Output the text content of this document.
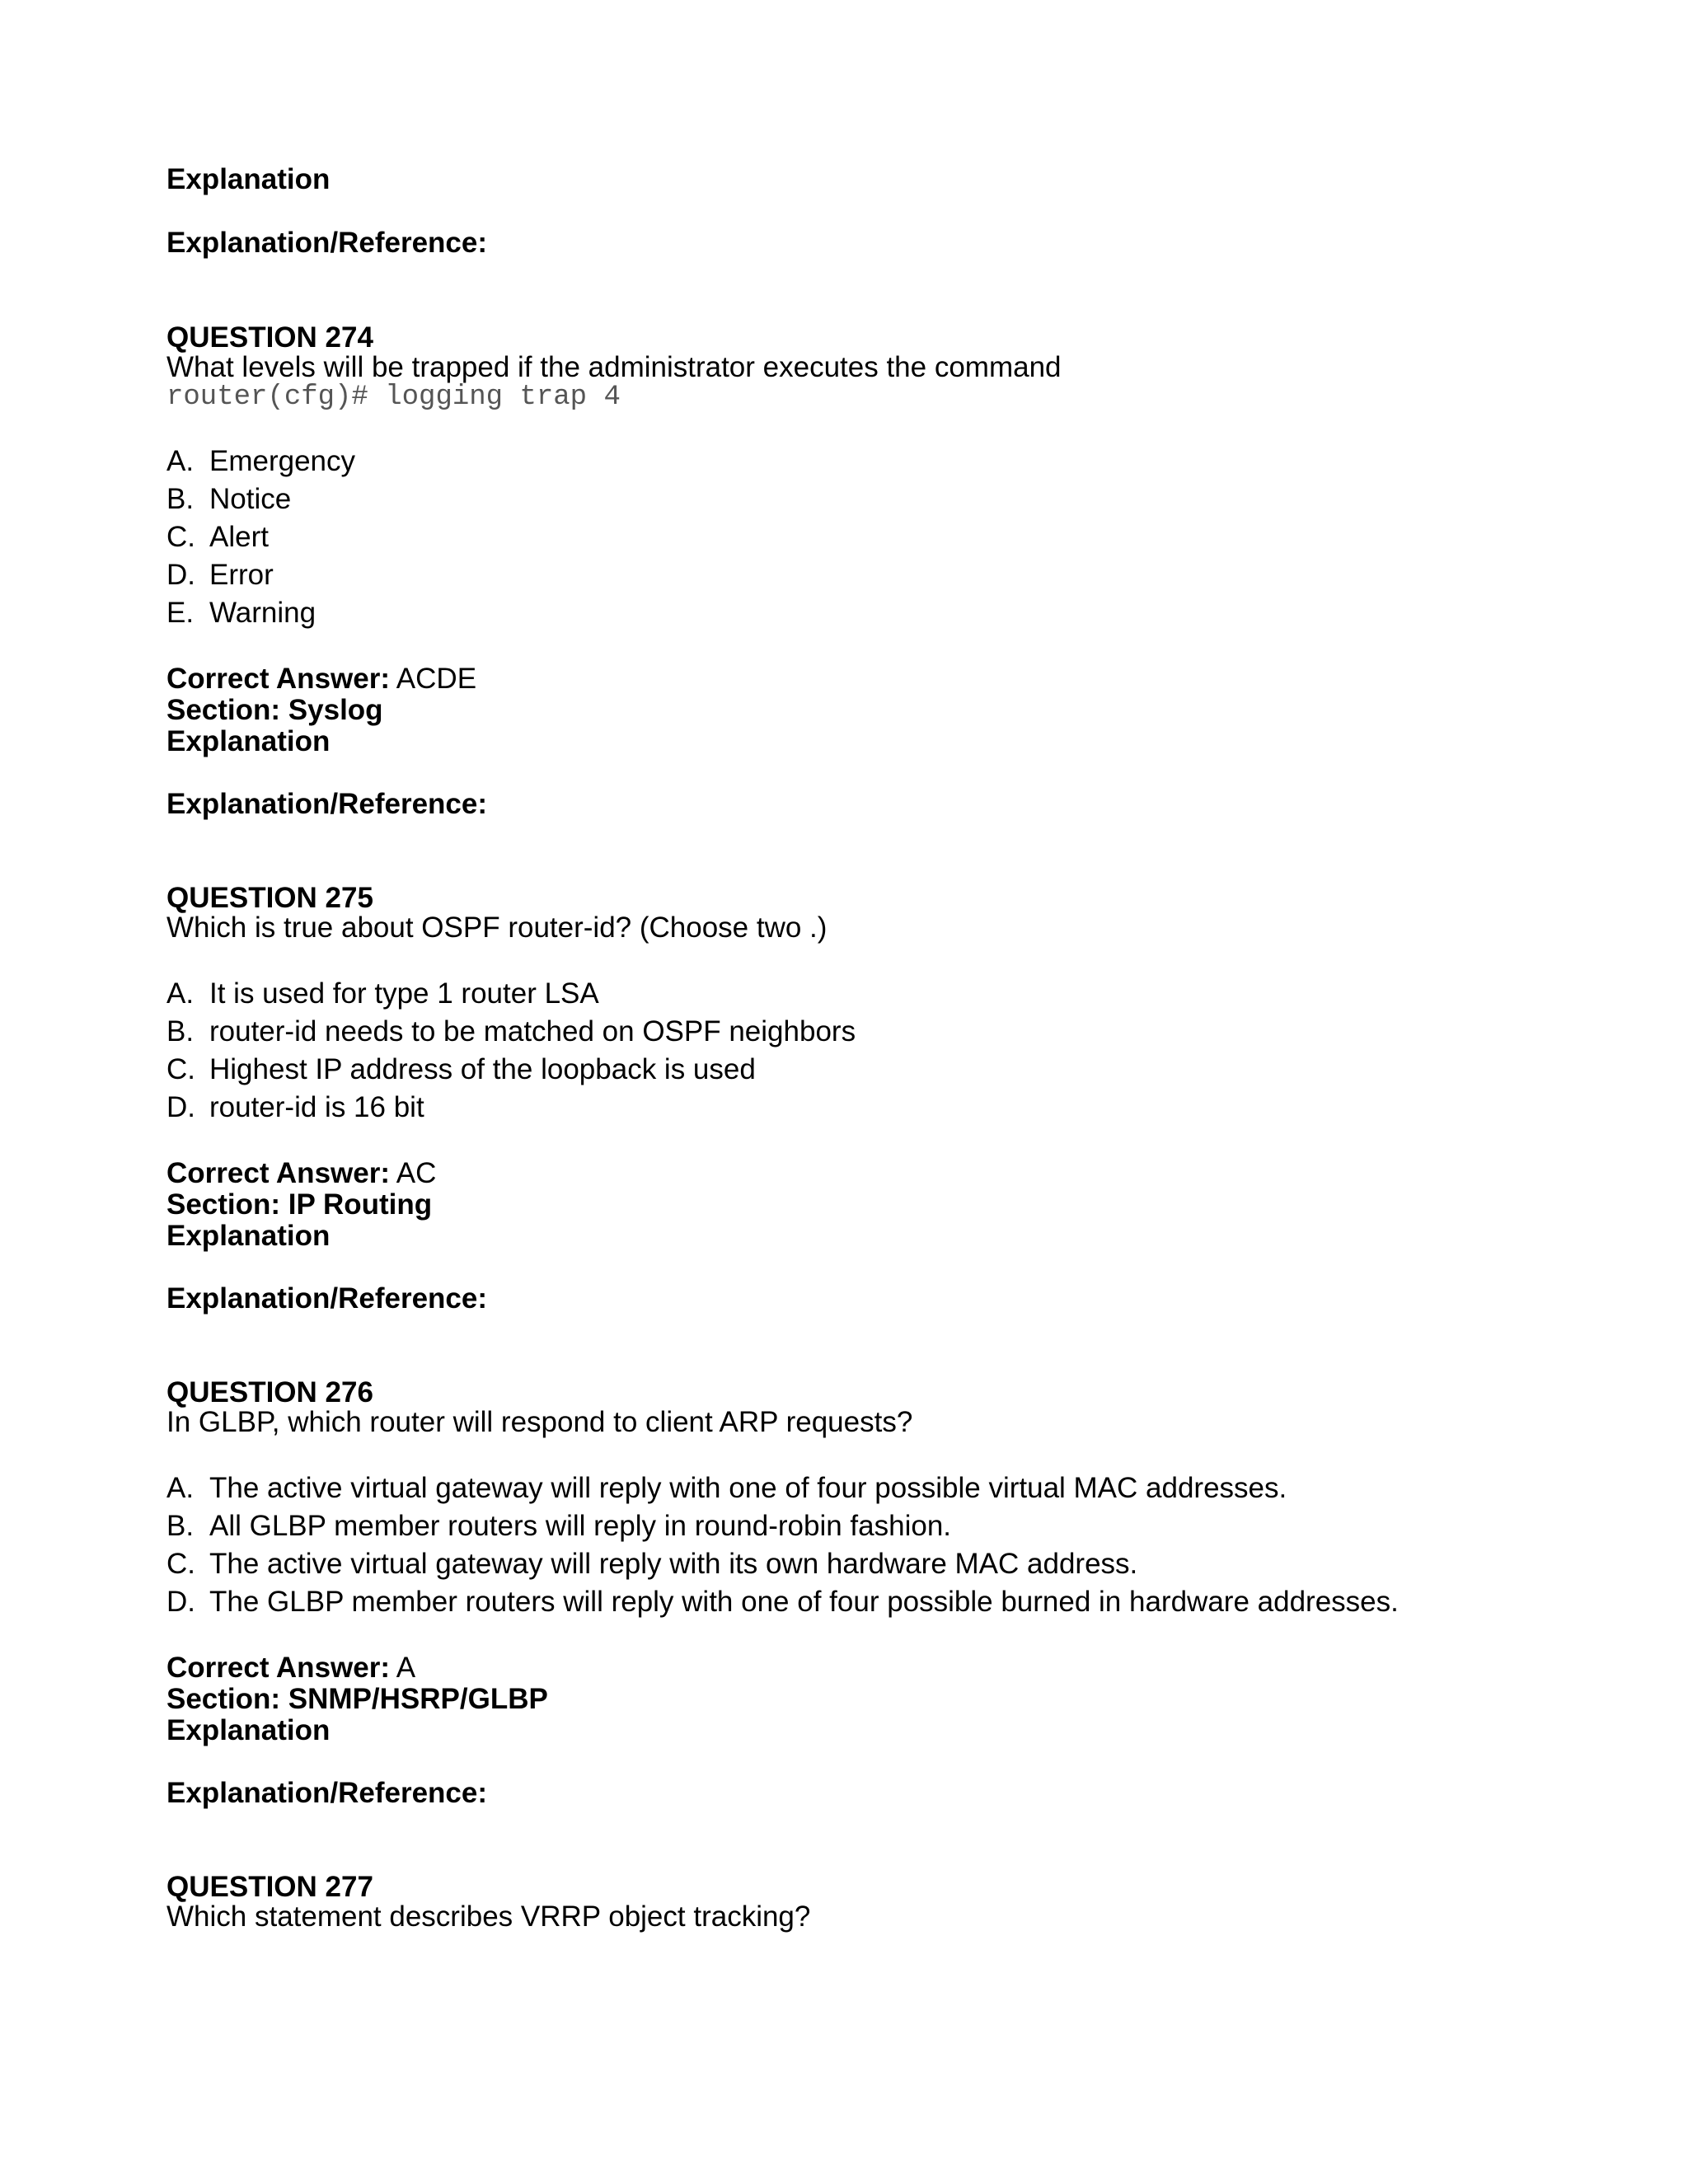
Explanation
Explanation/Reference:
QUESTION 274
What levels will be trapped if the administrator executes the command
router(cfg)# logging trap 4
A. Emergency
B. Notice
C. Alert
D. Error
E. Warning
Correct Answer: ACDE
Section: Syslog
Explanation
Explanation/Reference:
QUESTION 275
Which is true about OSPF router-id? (Choose two .)
A. It is used for type 1 router LSA
B. router-id needs to be matched on OSPF neighbors
C. Highest IP address of the loopback is used
D. router-id is 16 bit
Correct Answer: AC
Section: IP Routing
Explanation
Explanation/Reference:
QUESTION 276
In GLBP, which router will respond to client ARP requests?
A. The active virtual gateway will reply with one of four possible virtual MAC addresses.
B. All GLBP member routers will reply in round-robin fashion.
C. The active virtual gateway will reply with its own hardware MAC address.
D. The GLBP member routers will reply with one of four possible burned in hardware addresses.
Correct Answer: A
Section: SNMP/HSRP/GLBP
Explanation
Explanation/Reference:
QUESTION 277
Which statement describes VRRP object tracking?
